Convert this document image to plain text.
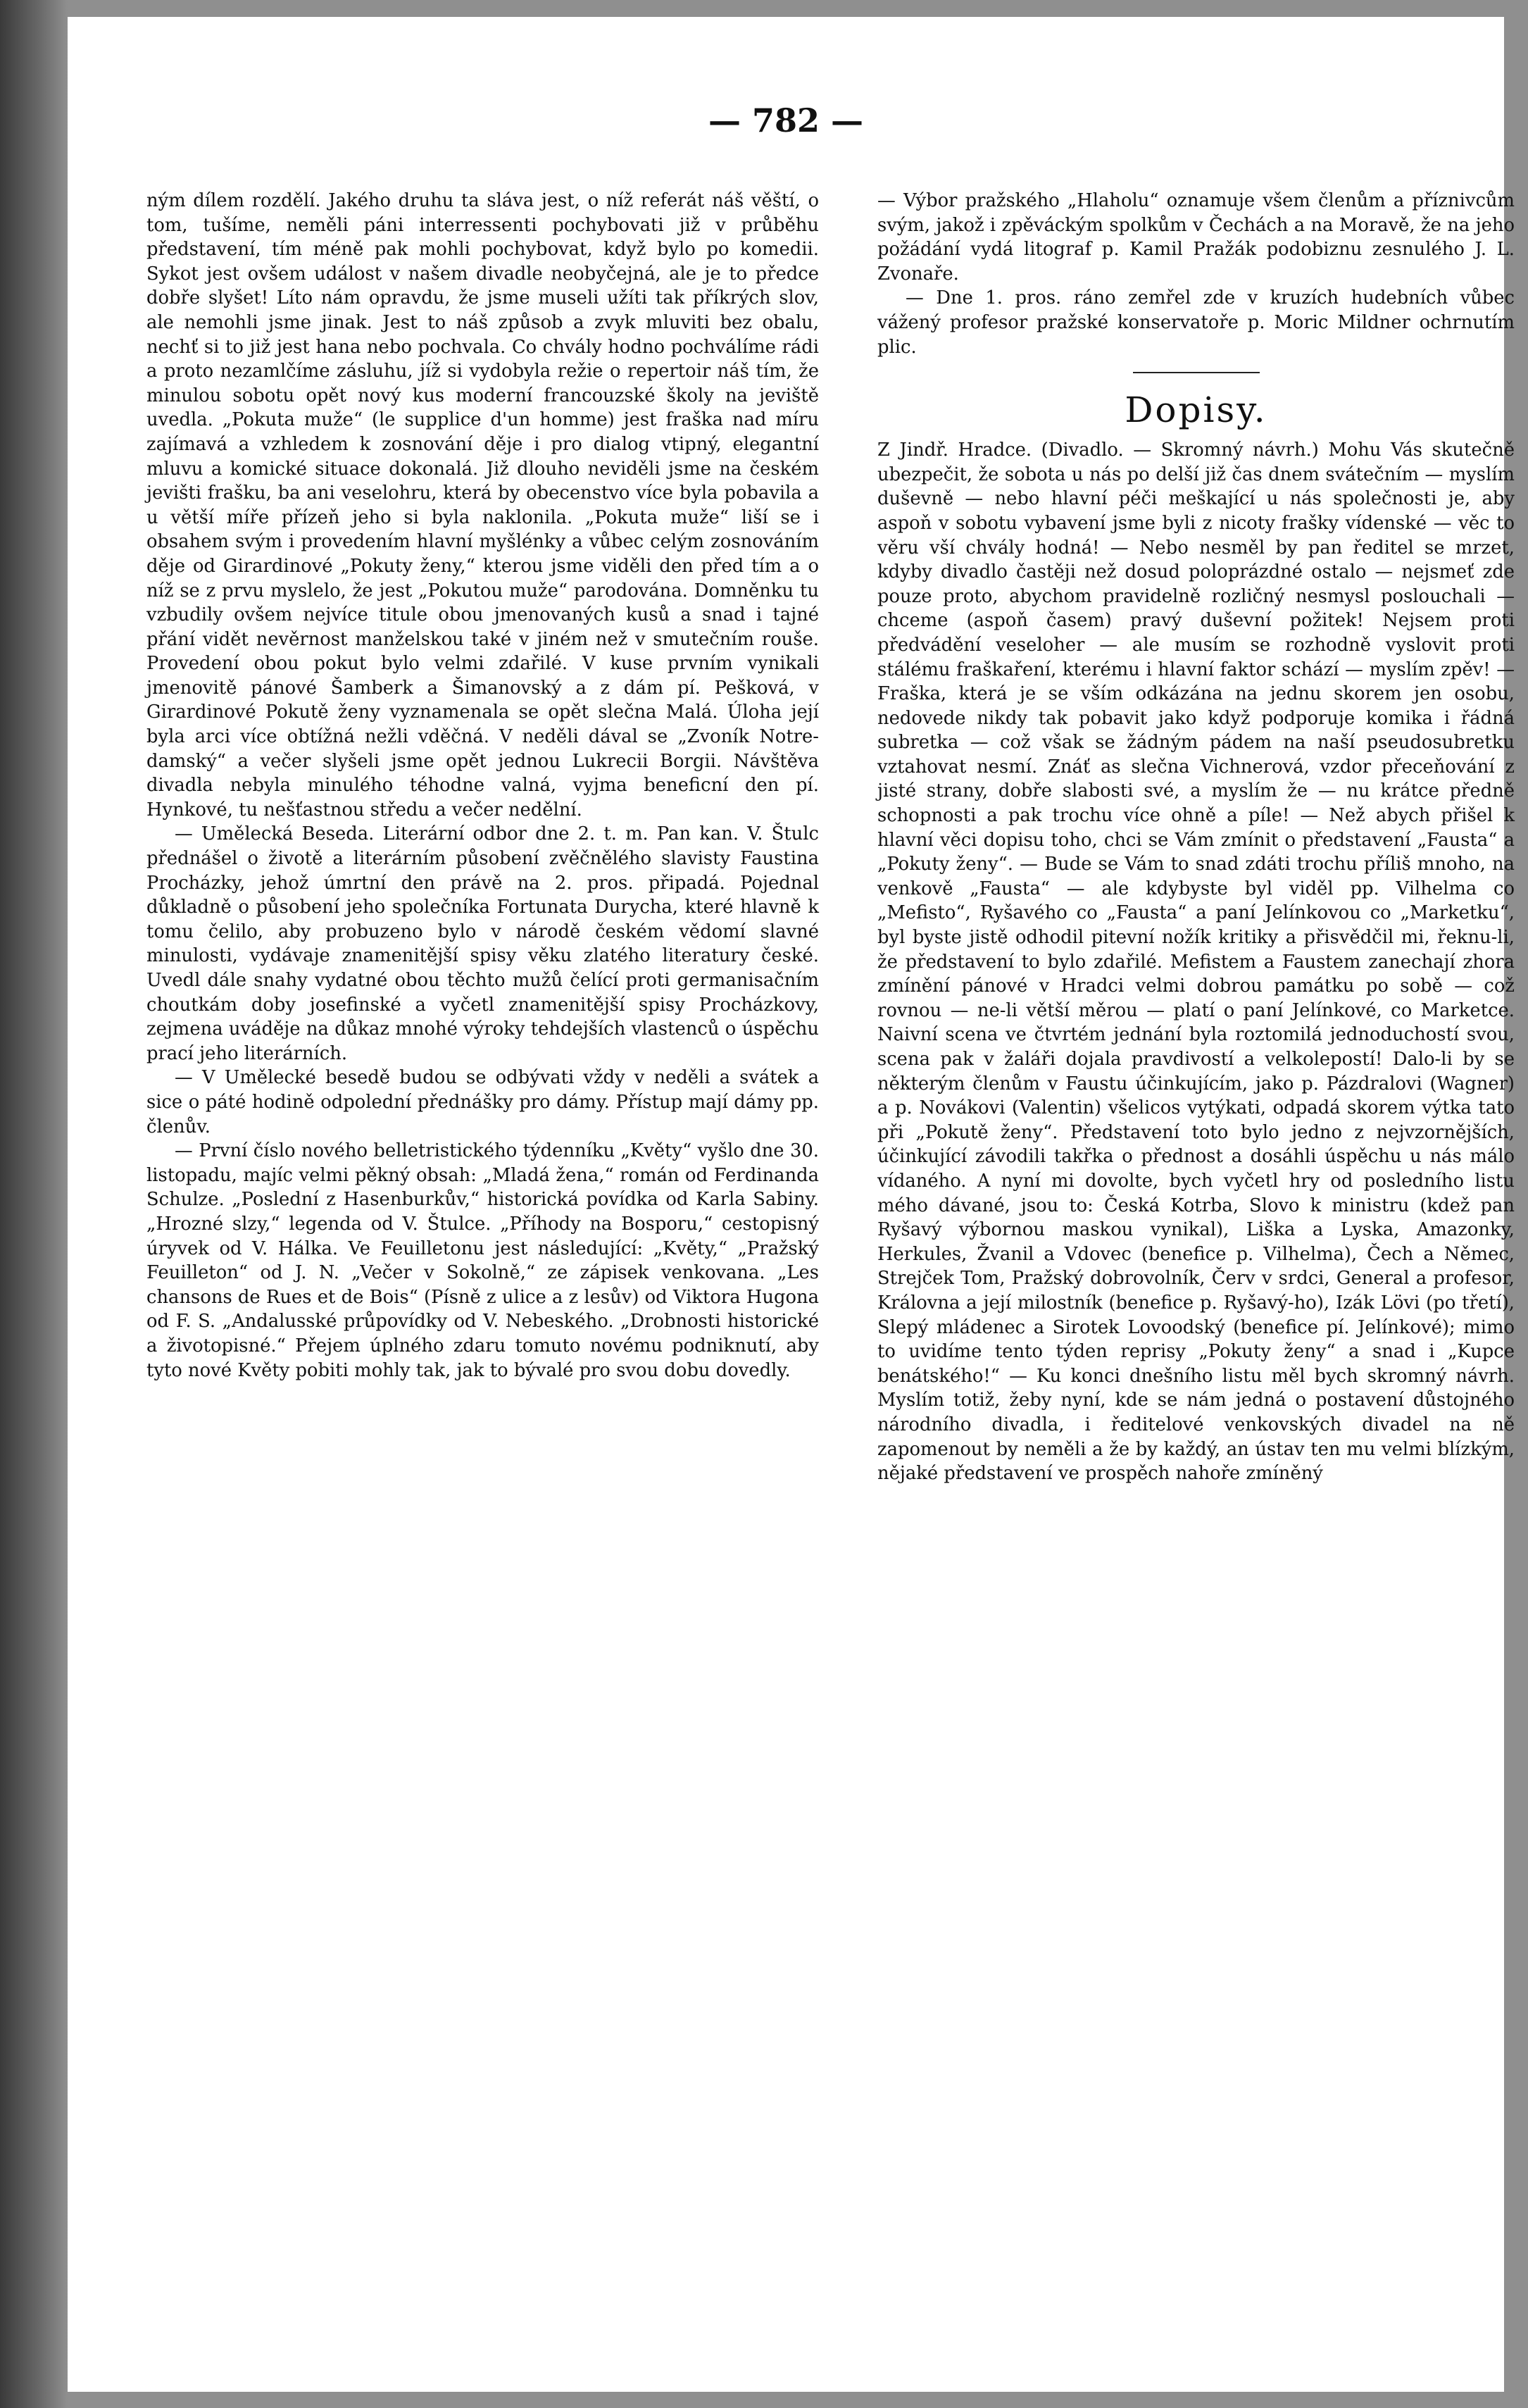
— 782 —

ným dílem rozdělí. Jakého druhu ta sláva jest, o níž referát náš věští, o tom, tušíme, neměli páni interressenti pochybovati již v průběhu představení, tím méně pak mohli pochybovat, když bylo po komedii. Sykot jest ovšem událost v našem divadle neobyčejná, ale je to předce dobře slyšet! Líto nám opravdu, že jsme museli užíti tak příkrých slov, ale nemohli jsme jinak. Jest to náš způsob a zvyk mluviti bez obalu, nechť si to již jest hana nebo pochvala. Co chvály hodno pochválíme rádi a proto nezamlčíme zásluhu, jíž si vydobyla režie o repertoir náš tím, že minulou sobotu opět nový kus moderní francouzské školy na jeviště uvedla. „Pokuta muže“ (le supplice d'un homme) jest fraška nad míru zajímavá a vzhledem k zosnování děje i pro dialog vtipný, elegantní mluvu a komické situace dokonalá. Již dlouho neviděli jsme na českém jevišti frašku, ba ani veselohru, která by obecenstvo více byla pobavila a u větší míře přízeň jeho si byla naklonila. „Pokuta muže“ liší se i obsahem svým i provedením hlavní myšlénky a vůbec celým zosnováním děje od Girardinové „Pokuty ženy,“ kterou jsme viděli den před tím a o níž se z prvu myslelo, že jest „Pokutou muže“ parodována. Domněnku tu vzbudily ovšem nejvíce titule obou jmenovaných kusů a snad i tajné přání vidět nevěrnost manželskou také v jiném než v smutečním rouše. Provedení obou pokut bylo velmi zdařilé. V kuse prvním vynikali jmenovitě pánové Šamberk a Šimanovský a z dám pí. Pešková, v Girardinové Pokutě ženy vyznamenala se opět slečna Malá. Úloha její byla arci více obtížná nežli vděčná. V neděli dával se „Zvoník Notre-damský“ a večer slyšeli jsme opět jednou Lukrecii Borgii. Návštěva divadla nebyla minulého téhodne valná, vyjma beneficní den pí. Hynkové, tu nešťastnou středu a večer nedělní.

— Umělecká Beseda. Literární odbor dne 2. t. m. Pan kan. V. Štulc přednášel o životě a literárním působení zvěčnělého slavisty Faustina Procházky, jehož úmrtní den právě na 2. pros. připadá. Pojednal důkladně o působení jeho společníka Fortunata Durycha, které hlavně k tomu čelilo, aby probuzeno bylo v národě českém vědomí slavné minulosti, vydávaje znamenitější spisy věku zlatého literatury české. Uvedl dále snahy vydatné obou těchto mužů čelící proti germanisačním choutkám doby josefinské a vyčetl znamenitější spisy Procházkovy, zejmena uváděje na důkaz mnohé výroky tehdejších vlastenců o úspěchu prací jeho literárních.

— V Umělecké besedě budou se odbývati vždy v neděli a svátek a sice o páté hodině odpolední přednášky pro dámy. Přístup mají dámy pp. členův.

— První číslo nového belletristického týdenníku „Květy“ vyšlo dne 30. listopadu, majíc velmi pěkný obsah: „Mladá žena,“ román od Ferdinanda Schulze. „Poslední z Hasenburkův,“ historická povídka od Karla Sabiny. „Hrozné slzy,“ legenda od V. Štulce. „Příhody na Bosporu,“ cestopisný úryvek od V. Hálka. Ve Feuilletonu jest následující: „Květy,“ „Pražský Feuilleton“ od J. N. „Večer v Sokolně,“ ze zápisek venkovana. „Les chansons de Rues et de Bois“ (Písně z ulice a z lesův) od Viktora Hugona od F. S. „Andalusské průpovídky od V. Nebeského. „Drobnosti historické a životopisné.“ Přejem úplného zdaru tomuto novému podniknutí, aby tyto nové Květy pobiti mohly tak, jak to bývalé pro svou dobu dovedly.

— Výbor pražského „Hlaholu“ oznamuje všem členům a příznivcům svým, jakož i zpěváckým spolkům v Čechách a na Moravě, že na jeho požádání vydá litograf p. Kamil Pražák podobiznu zesnulého J. L. Zvonaře.

— Dne 1. pros. ráno zemřel zde v kruzích hudebních vůbec vážený profesor pražské konservatoře p. Moric Mildner ochrnutím plic.

Dopisy.

Z Jindř. Hradce. (Divadlo. — Skromný návrh.) Mohu Vás skutečně ubezpečit, že sobota u nás po delší již čas dnem svátečním — myslím duševně — nebo hlavní péči meškající u nás společnosti je, aby aspoň v sobotu vybavení jsme byli z nicoty frašky vídenské — věc to věru vší chvály hodná! — Nebo nesměl by pan ředitel se mrzet, kdyby divadlo častěji než dosud poloprázdné ostalo — nejsmeť zde pouze proto, abychom pravidelně rozličný nesmysl poslouchali — chceme (aspoň časem) pravý duševní požitek! Nejsem proti předvádění veseloher — ale musím se rozhodně vyslovit proti stálému fraškaření, kterému i hlavní faktor schází — myslím zpěv! — Fraška, která je se vším odkázána na jednu skorem jen osobu, nedovede nikdy tak pobavit jako když podporuje komika i řádná subretka — což však se žádným pádem na naší pseudosubretku vztahovat nesmí. Znáť as slečna Vichnerová, vzdor přeceňování z jisté strany, dobře slabosti své, a myslím že — nu krátce předně schopnosti a pak trochu více ohně a píle! — Než abych přišel k hlavní věci dopisu toho, chci se Vám zmínit o představení „Fausta“ a „Pokuty ženy“. — Bude se Vám to snad zdáti trochu příliš mnoho, na venkově „Fausta“ — ale kdybyste byl viděl pp. Vilhelma co „Mefisto“, Ryšavého co „Fausta“ a paní Jelínkovou co „Marketku“, byl byste jistě odhodil pitevní nožík kritiky a přisvědčil mi, řeknu-li, že představení to bylo zdařilé. Mefistem a Faustem zanechají zhora zmínění pánové v Hradci velmi dobrou památku po sobě — což rovnou — ne-li větší měrou — platí o paní Jelínkové, co Marketce. Naivní scena ve čtvrtém jednání byla roztomilá jednoduchostí svou, scena pak v žaláři dojala pravdivostí a velkolepostí! Dalo-li by se některým členům v Faustu účinkujícím, jako p. Pázdralovi (Wagner) a p. Novákovi (Valentin) všelicos vytýkati, odpadá skorem výtka tato při „Pokutě ženy“. Představení toto bylo jedno z nejvzornějších, účinkující závodili takřka o přednost a dosáhli úspěchu u nás málo vídaného. A nyní mi dovolte, bych vyčetl hry od posledního listu mého dávané, jsou to: Česká Kotrba, Slovo k ministru (kdež pan Ryšavý výbornou maskou vynikal), Liška a Lyska, Amazonky, Herkules, Žvanil a Vdovec (benefice p. Vilhelma), Čech a Němec, Strejček Tom, Pražský dobrovolník, Červ v srdci, General a profesor, Královna a její milostník (benefice p. Ryšavý-ho), Izák Lövi (po třetí), Slepý mládenec a Sirotek Lovoodský (benefice pí. Jelínkové); mimo to uvidíme tento týden reprisy „Pokuty ženy“ a snad i „Kupce benátského!“ — Ku konci dnešního listu měl bych skromný návrh. Myslím totiž, žeby nyní, kde se nám jedná o postavení důstojného národního divadla, i ředitelové venkovských divadel na ně zapomenout by neměli a že by každý, an ústav ten mu velmi blízkým, nějaké představení ve prospěch nahoře zmíněný
